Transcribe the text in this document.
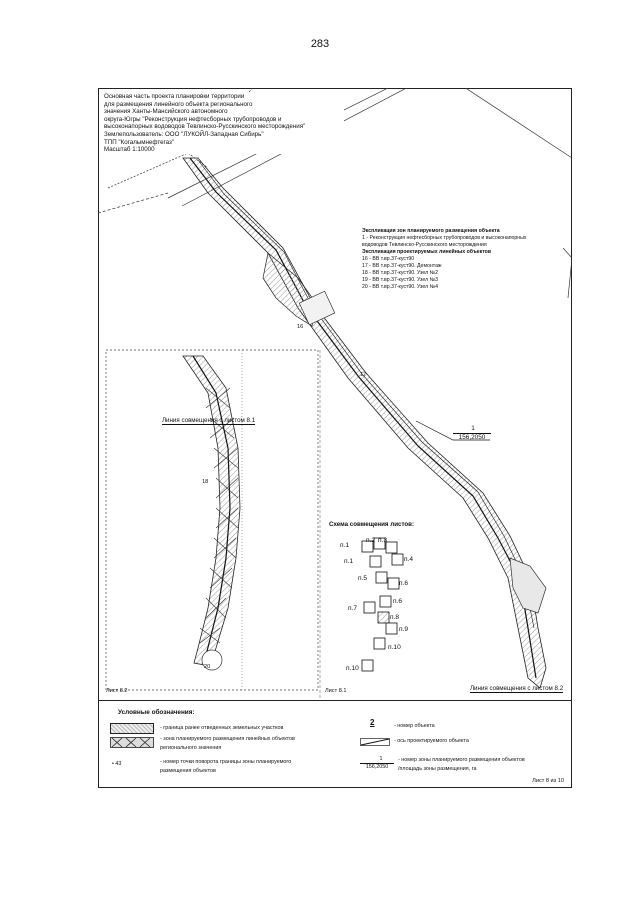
283
Основная часть проекта планировки территории
для размещения линейного объекта регионального
значения Ханты-Мансийского автономного
округа-Югры "Реконструкция нефтесборных трубопроводов и
высоконапорных водоводов Тевлинско-Русскинского месторождения"
Землепользователь: ООО "ЛУКОЙЛ-Западная Сибирь"
ТПП "Когалымнефтегаз"
Масштаб 1:10000
Экспликация зон планируемого размещения объекта
1 - Реконструкция нефтесборных трубопроводов и высоконапорных
водоводов Тевлинско-Русскинского месторождения
Экспликация проектируемых линейных объектов
16 - ВВ т.вр.37-куст90
17 - ВВ т.вр.37-куст90. Демонтаж
18 - ВВ т.вр.37-куст90. Узел №2
19 - ВВ т.вр.37-куст90. Узел №3
20 - ВВ т.вр.37-куст90. Узел №4
1
156,2050
Линия совмещения с листом 8.1
Линия совмещения с листом 8.2
Лист 8.2	Лист 8.1
16
18
17
20
Схема совмещения листов:
п.1
п.2 п.3
п.1	п.4
п.5
п.6
п.6
п.7
п.8
п.9
п.10
п.10
Условные обозначения:
- граница ранее отведенных земельных участков
- зона планируемого размещения линейных объектов
регионального значения
• 43	- номер точки поворота границы зоны планируемого
размещения объектов
2	- номер объекта
- ось проектируемого объекта
1
156,2050
- номер зоны планируемого размещения объектов
/площадь зоны размещения, га
Лист 8 из 10
